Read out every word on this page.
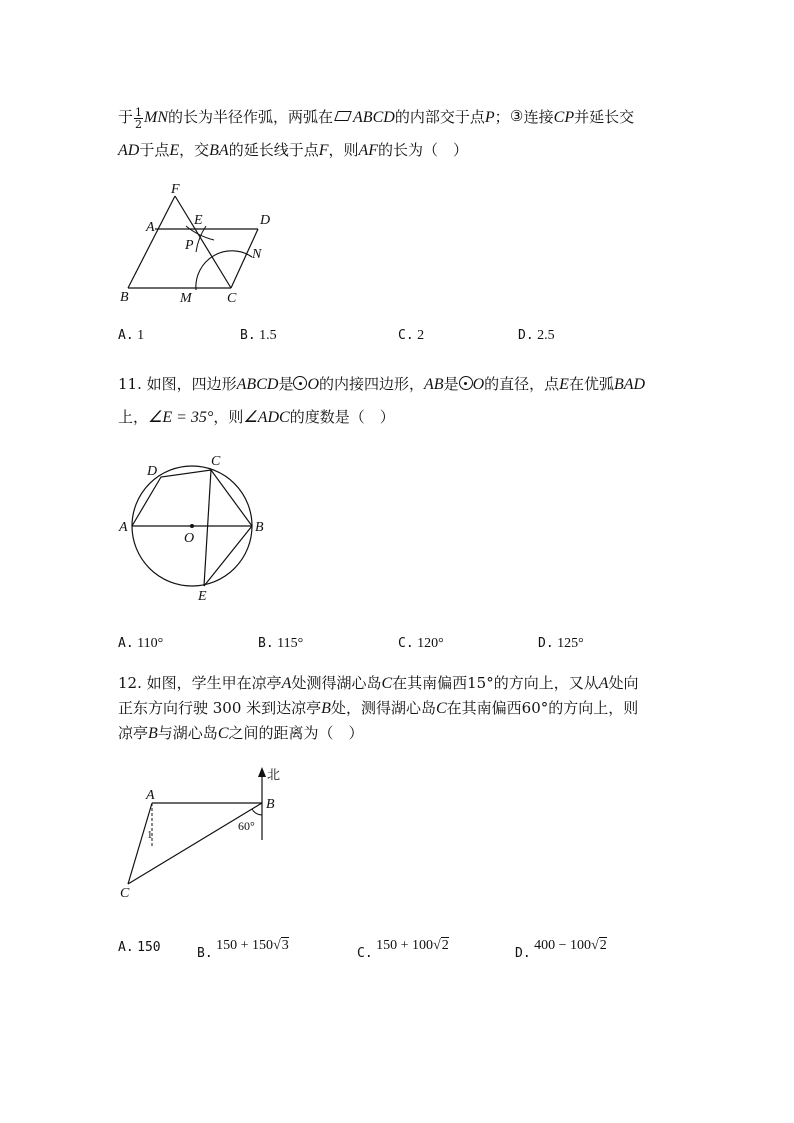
于 $\frac{1}{2}$ MN的长为半径作弧，两弧在 ABCD的内部交于点P；③连接CP并延长交
AD于点E，交BA的延长线于点F，则AF的长为（　）
F
A	E	D
P
N
B	M	C
A. 1	B. 1.5	C. 2	D. 2.5
11. 如图，四边形ABCD是 O的内接四边形，AB是 O的直径，点E在优弧BAD
上，∠E = 35°，则∠ADC的度数是（　）
D
C
A
O
B
E
A. 110°	B. 115°	C. 120°	D. 125°
12. 如图，学生甲在凉亭A处测得湖心岛C在其南偏西15°的方向上，又从A处向
正东方向行驶 300 米到达凉亭B处，测得湖心岛C在其南偏西60°的方向上，则
凉亭B与湖心岛C之间的距离为（　）
北
A
B
C
60°
1
A. 150	B. 150 + 150√3
C. 150 + 100√2
D. 400 − 100√2
